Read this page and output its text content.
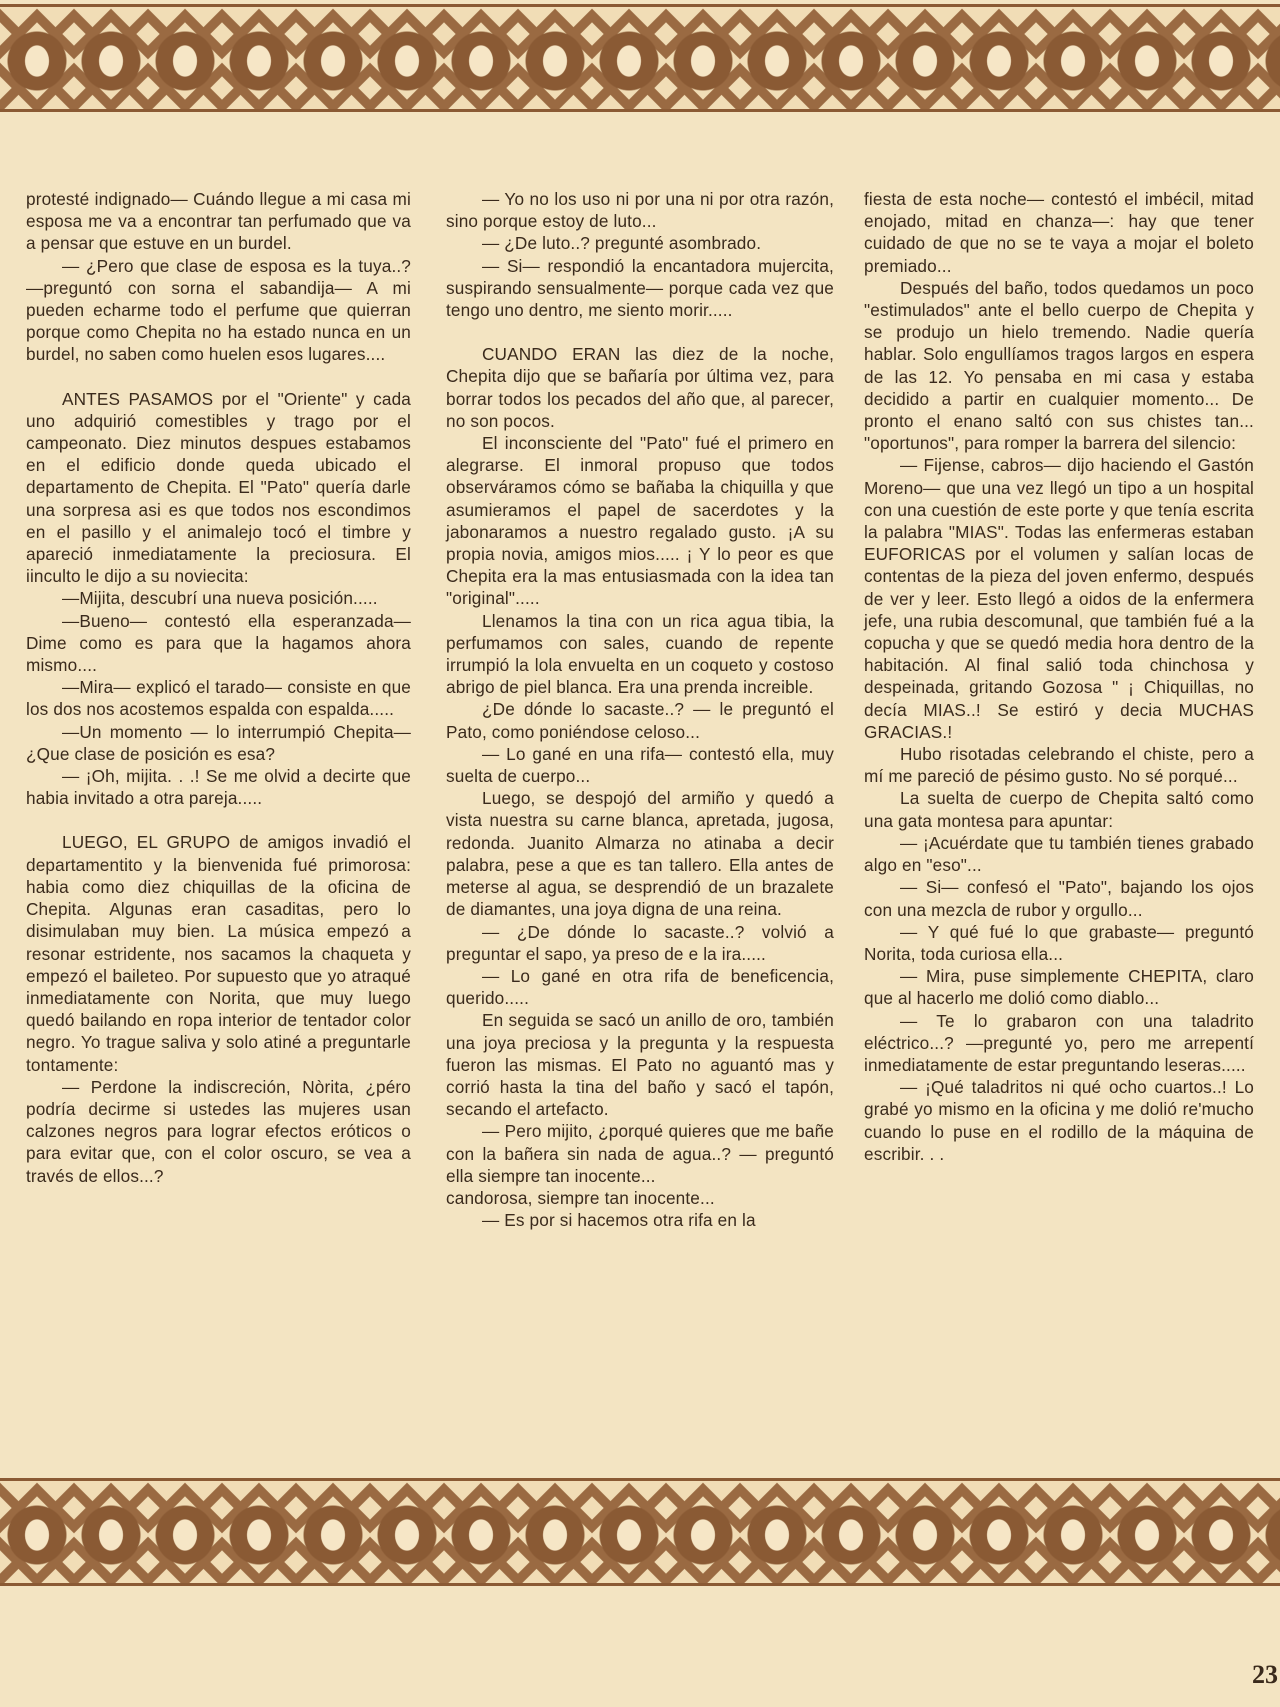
protesté indignado— Cuándo llegue a mi casa mi esposa me va a encontrar tan perfumado que va a pensar que estuve en un burdel.

— ¿Pero que clase de esposa es la tuya..? —preguntó con sorna el sabandija— A mi pueden echarme todo el perfume que quierran porque como Chepita no ha estado nunca en un burdel, no saben como huelen esos lugares....

ANTES PASAMOS por el "Oriente" y cada uno adquirió comestibles y trago por el campeonato. Diez minutos despues estabamos en el edificio donde queda ubicado el departamento de Chepita. El "Pato" quería darle una sorpresa asi es que todos nos escondimos en el pasillo y el animalejo tocó el timbre y apareció inmediatamente la preciosura. El iinculto le dijo a su noviecita:

—Mijita, descubrí una nueva posición.....

—Bueno— contestó ella esperanzada— Dime como es para que la hagamos ahora mismo....

—Mira— explicó el tarado— consiste en que los dos nos acostemos espalda con espalda.....

—Un momento — lo interrumpió Chepita— ¿Que clase de posición es esa?

— ¡Oh, mijita. . .! Se me olvid a decirte que habia invitado a otra pareja.....

LUEGO, EL GRUPO de amigos invadió el departamentito y la bienvenida fué primorosa: habia como diez chiquillas de la oficina de Chepita. Algunas eran casaditas, pero lo disimulaban muy bien. La música empezó a resonar estridente, nos sacamos la chaqueta y empezó el baileteo. Por supuesto que yo atraqué inmediatamente con Norita, que muy luego quedó bailando en ropa interior de tentador color negro. Yo trague saliva y solo atiné a preguntarle tontamente:

— Perdone la indiscreción, Nòrita, ¿péro podría decirme si ustedes las mujeres usan calzones negros para lograr efectos eróticos o para evitar que, con el color oscuro, se vea a través de ellos...?

— Yo no los uso ni por una ni por otra razón, sino porque estoy de luto...

— ¿De luto..? pregunté asombrado.

— Si— respondió la encantadora mujercita, suspirando sensualmente— porque cada vez que tengo uno dentro, me siento morir.....

CUANDO ERAN las diez de la noche, Chepita dijo que se bañaría por última vez, para borrar todos los pecados del año que, al parecer, no son pocos.

El inconsciente del "Pato" fué el primero en alegrarse. El inmoral propuso que todos observáramos cómo se bañaba la chiquilla y que asumieramos el papel de sacerdotes y la jabonaramos a nuestro regalado gusto. ¡A su propia novia, amigos mios..... ¡ Y lo peor es que Chepita era la mas entusiasmada con la idea tan "original".....

Llenamos la tina con un rica agua tibia, la perfumamos con sales, cuando de repente irrumpió la lola envuelta en un coqueto y costoso abrigo de piel blanca. Era una prenda increible.

¿De dónde lo sacaste..? — le preguntó el Pato, como poniéndose celoso...

— Lo gané en una rifa— contestó ella, muy suelta de cuerpo...

Luego, se despojó del armiño y quedó a vista nuestra su carne blanca, apretada, jugosa, redonda. Juanito Almarza no atinaba a decir palabra, pese a que es tan tallero. Ella antes de meterse al agua, se desprendió de un brazalete de diamantes, una joya digna de una reina.

— ¿De dónde lo sacaste..? volvió a preguntar el sapo, ya preso de e la ira.....

— Lo gané en otra rifa de beneficencia, querido.....

En seguida se sacó un anillo de oro, también una joya preciosa y la pregunta y la respuesta fueron las mismas. El Pato no aguantó mas y corrió hasta la tina del baño y sacó el tapón, secando el artefacto.

— Pero mijito, ¿porqué quieres que me bañe con la bañera sin nada de agua..? — preguntó ella siempre tan inocente...

candorosa, siempre tan inocente...

— Es por si hacemos otra rifa en la

fiesta de esta noche— contestó el imbécil, mitad enojado, mitad en chanza—: hay que tener cuidado de que no se te vaya a mojar el boleto premiado...

Después del baño, todos quedamos un poco "estimulados" ante el bello cuerpo de Chepita y se produjo un hielo tremendo. Nadie quería hablar. Solo engullíamos tragos largos en espera de las 12. Yo pensaba en mi casa y estaba decidido a partir en cualquier momento... De pronto el enano saltó con sus chistes tan... "oportunos", para romper la barrera del silencio:

— Fijense, cabros— dijo haciendo el Gastón Moreno— que una vez llegó un tipo a un hospital con una cuestión de este porte y que tenía escrita la palabra "MIAS". Todas las enfermeras estaban EUFORICAS por el volumen y salían locas de contentas de la pieza del joven enfermo, después de ver y leer. Esto llegó a oidos de la enfermera jefe, una rubia descomunal, que también fué a la copucha y que se quedó media hora dentro de la habitación. Al final salió toda chinchosa y despeinada, gritando Gozosa " ¡ Chiquillas, no decía MIAS..! Se estiró y decia MUCHAS GRACIAS.!

Hubo risotadas celebrando el chiste, pero a mí me pareció de pésimo gusto. No sé porqué...

La suelta de cuerpo de Chepita saltó como una gata montesa para apuntar:

— ¡Acuérdate que tu también tienes grabado algo en "eso"...

— Si— confesó el "Pato", bajando los ojos con una mezcla de rubor y orgullo...

— Y qué fué lo que grabaste— preguntó Norita, toda curiosa ella...

— Mira, puse simplemente CHEPITA, claro que al hacerlo me dolió como diablo...

— Te lo grabaron con una taladrito eléctrico...? —pregunté yo, pero me arrepentí inmediatamente de estar preguntando leseras.....

— ¡Qué taladritos ni qué ocho cuartos..! Lo grabé yo mismo en la oficina y me dolió re'mucho cuando lo puse en el rodillo de la máquina de escribir. . .

23
